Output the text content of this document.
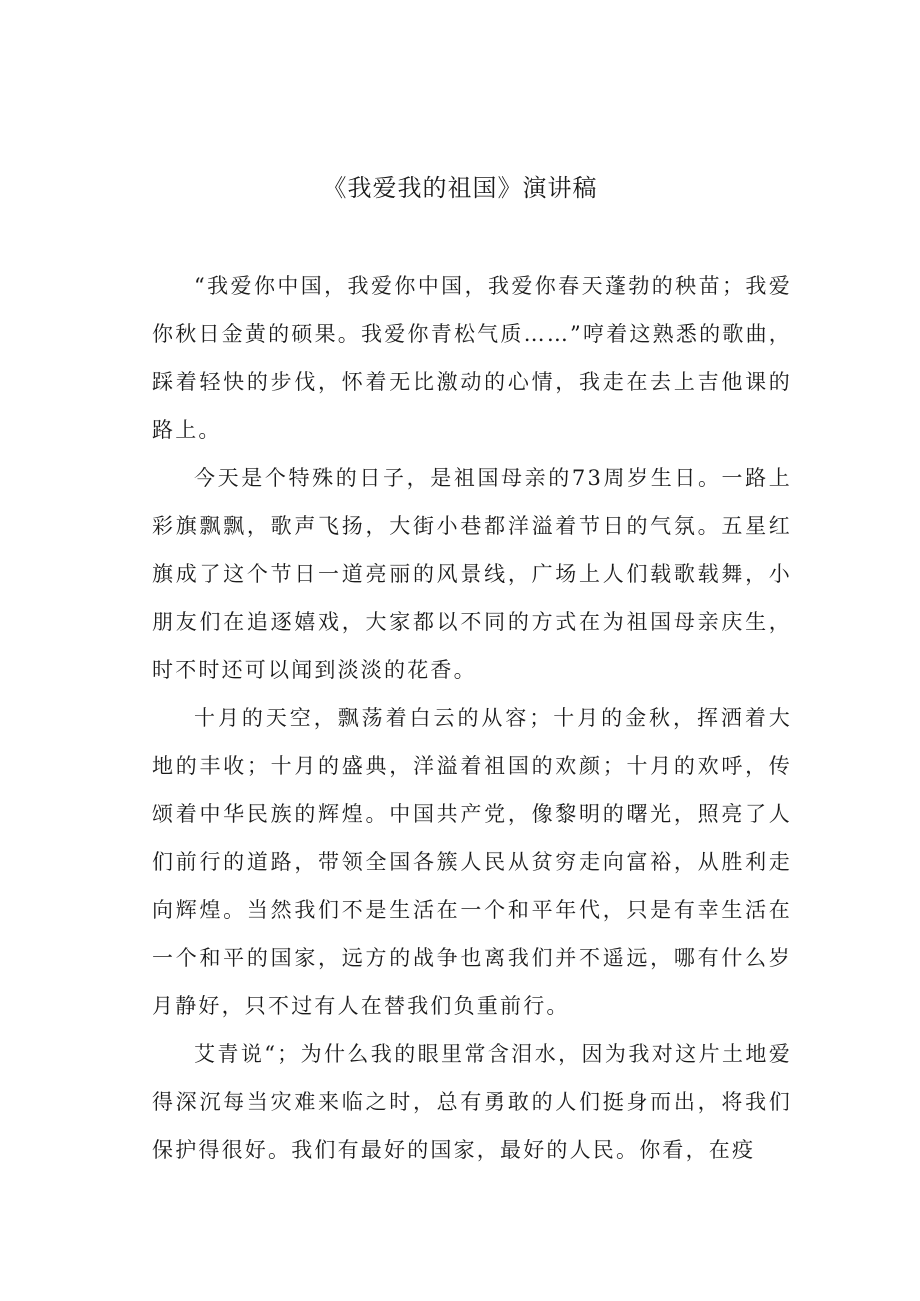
《我爱我的祖国》演讲稿

“我爱你中国，我爱你中国，我爱你春天蓬勃的秧苗；我爱你秋日金黄的硕果。我爱你青松气质……”哼着这熟悉的歌曲，踩着轻快的步伐，怀着无比激动的心情，我走在去上吉他课的路上。

今天是个特殊的日子，是祖国母亲的73周岁生日。一路上彩旗飘飘，歌声飞扬，大街小巷都洋溢着节日的气氛。五星红旗成了这个节日一道亮丽的风景线，广场上人们载歌载舞，小朋友们在追逐嬉戏，大家都以不同的方式在为祖国母亲庆生，时不时还可以闻到淡淡的花香。

十月的天空，飘荡着白云的从容；十月的金秋，挥洒着大地的丰收；十月的盛典，洋溢着祖国的欢颜；十月的欢呼，传颂着中华民族的辉煌。中国共产党，像黎明的曙光，照亮了人们前行的道路，带领全国各簇人民从贫穷走向富裕，从胜利走向辉煌。当然我们不是生活在一个和平年代，只是有幸生活在一个和平的国家，远方的战争也离我们并不遥远，哪有什么岁月静好，只不过有人在替我们负重前行。

艾青说“；为什么我的眼里常含泪水，因为我对这片土地爱得深沉每当灾难来临之时，总有勇敢的人们挺身而出，将我们保护得很好。我们有最好的国家，最好的人民。你看，在疫
